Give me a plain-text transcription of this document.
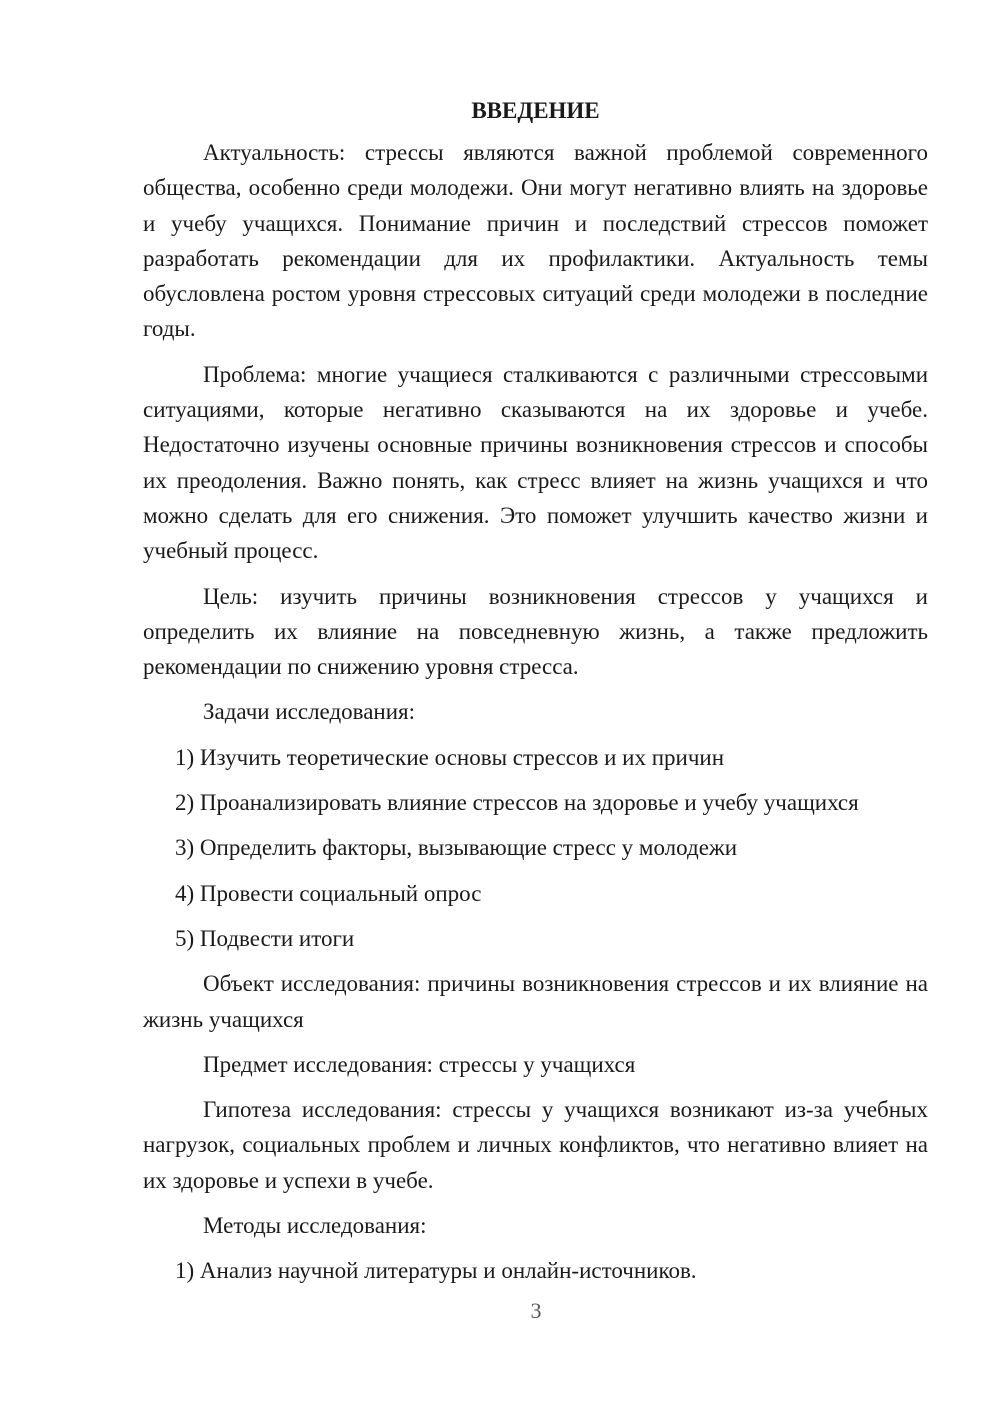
ВВЕДЕНИЕ

Актуальность: стрессы являются важной проблемой современного общества, особенно среди молодежи. Они могут негативно влиять на здоровье и учебу учащихся. Понимание причин и последствий стрессов поможет разработать рекомендации для их профилактики. Актуальность темы обусловлена ростом уровня стрессовых ситуаций среди молодежи в последние годы.

Проблема: многие учащиеся сталкиваются с различными стрессовыми ситуациями, которые негативно сказываются на их здоровье и учебе. Недостаточно изучены основные причины возникновения стрессов и способы их преодоления. Важно понять, как стресс влияет на жизнь учащихся и что можно сделать для его снижения. Это поможет улучшить качество жизни и учебный процесс.

Цель: изучить причины возникновения стрессов у учащихся и определить их влияние на повседневную жизнь, а также предложить рекомендации по снижению уровня стресса.

Задачи исследования:

1) Изучить теоретические основы стрессов и их причин
2) Проанализировать влияние стрессов на здоровье и учебу учащихся
3) Определить факторы, вызывающие стресс у молодежи
4) Провести социальный опрос
5) Подвести итоги

Объект исследования: причины возникновения стрессов и их влияние на жизнь учащихся

Предмет исследования: стрессы у учащихся

Гипотеза исследования: стрессы у учащихся возникают из-за учебных нагрузок, социальных проблем и личных конфликтов, что негативно влияет на их здоровье и успехи в учебе.

Методы исследования:

1) Анализ научной литературы и онлайн-источников.
3
